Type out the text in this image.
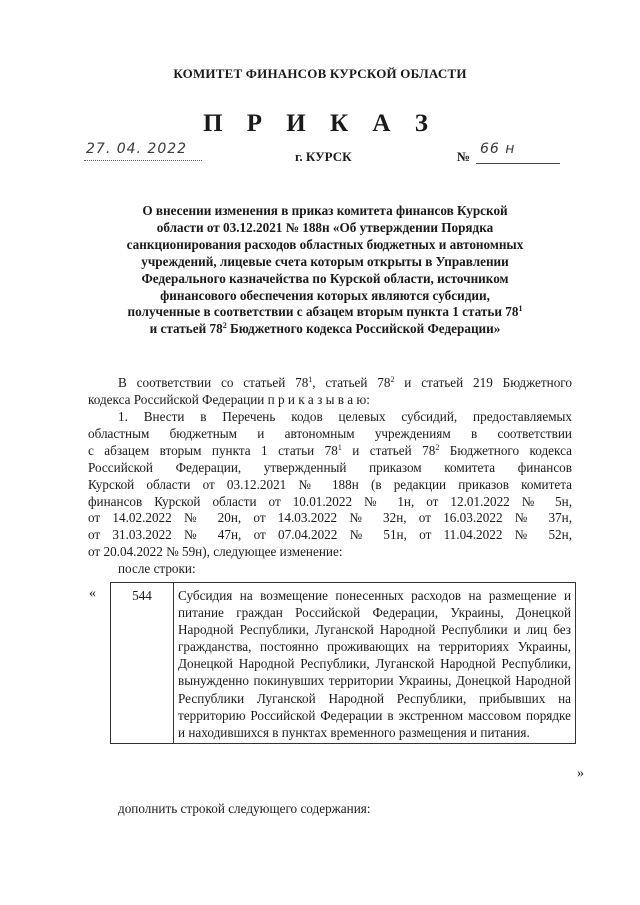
КОМИТЕТ ФИНАНСОВ КУРСКОЙ ОБЛАСТИ
П Р И К А З
27. 04. 2022	г. КУРСК	№ 66 н
О внесении изменения в приказ комитета финансов Курской
области от 03.12.2021 № 188н «Об утверждении Порядка
санкционирования расходов областных бюджетных и автономных
учреждений, лицевые счета которым открыты в Управлении
Федерального казначейства по Курской области, источником
финансового обеспечения которых являются субсидии,
полученные в соответствии с абзацем вторым пункта 1 статьи $78^1$
и статьей $78^2$ Бюджетного кодекса Российской Федерации»
В соответствии со статьей $78^1$, статьей $78^2$ и статьей 219 Бюджетного
кодекса Российской Федерации п р и к а з ы в а ю:
1. Внести в Перечень кодов целевых субсидий, предоставляемых
областным бюджетным и автономным учреждениям в соответствии
с абзацем вторым пункта 1 статьи $78^1$ и статьей $78^2$ Бюджетного кодекса
Российской Федерации, утвержденный приказом комитета финансов
Курской области от 03.12.2021 № 188н (в редакции приказов комитета
финансов Курской области от 10.01.2022 № 1н, от 12.01.2022 № 5н,
от 14.02.2022 № 20н, от 14.03.2022 № 32н, от 16.03.2022 № 37н,
от 31.03.2022 № 47н, от 07.04.2022 № 51н, от 11.04.2022 № 52н,
от 20.04.2022 № 59н), следующее изменение:
после строки:
«	544	Субсидия на возмещение понесенных расходов на размещение и питание граждан Российской Федерации, Украины, Донецкой Народной Республики, Луганской Народной Республики и лиц без гражданства, постоянно проживающих на территориях Украины, Донецкой Народной Республики, Луганской Народной Республики, вынужденно покинувших территории Украины, Донецкой Народной Республики Луганской Народной Республики, прибывших на территорию Российской Федерации в экстренном массовом порядке и находившихся в пунктах временного размещения и питания.
»
дополнить строкой следующего содержания:
